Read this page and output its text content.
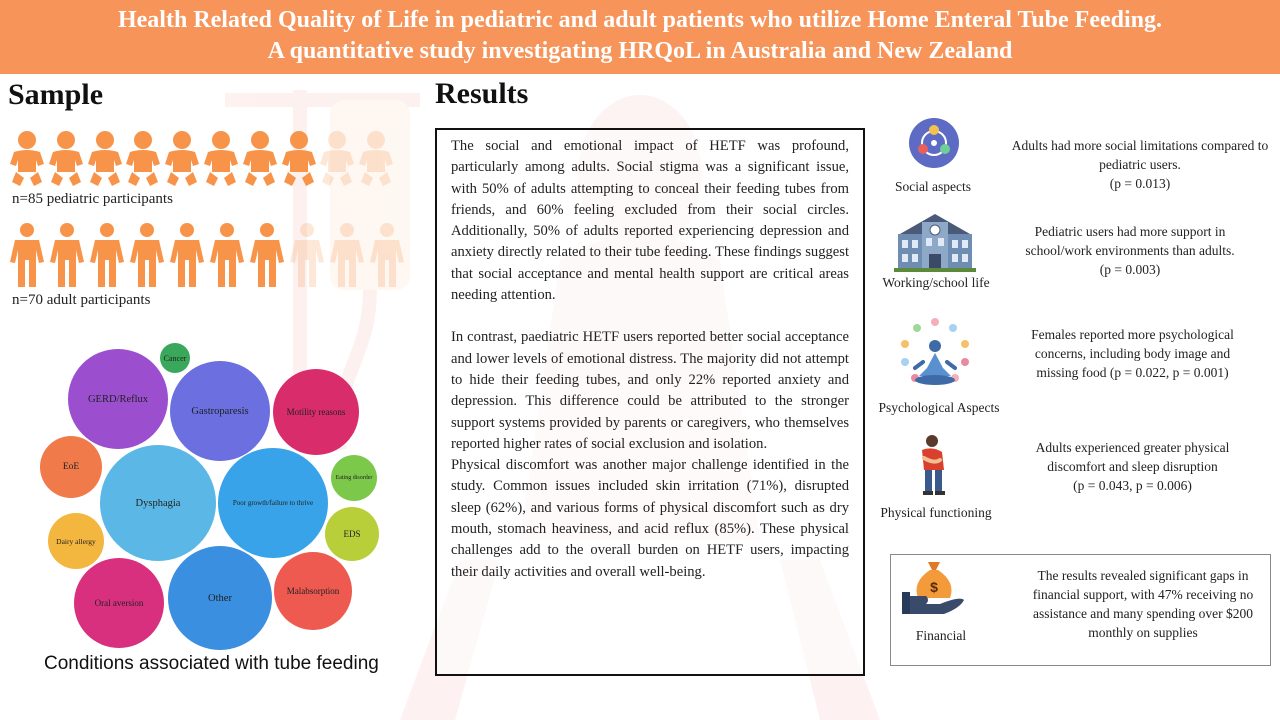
Health Related Quality of Life in pediatric and adult patients who utilize Home Enteral Tube Feeding.
A quantitative study investigating HRQoL in Australia and New Zealand
Sample
n=85 pediatric participants
n=70 adult participants
Cancer
GERD/Reflux
Gastroparesis	Motility reasons
EoE
Dysphagia	Poor growth/failure to thrive
Eating disorder
Dairy allergy
EDS
Oral aversion	Other
Malabsorption
Conditions associated with tube feeding
Results

The social and emotional impact of HETF was profound, particularly among adults. Social stigma was a significant issue, with 50% of adults attempting to conceal their feeding tubes from friends, and 60% feeling excluded from their social circles. Additionally, 50% of adults reported experiencing depression and anxiety directly related to their tube feeding. These findings suggest that social acceptance and mental health support are critical areas needing attention.

In contrast, paediatric HETF users reported better social acceptance and lower levels of emotional distress. The majority did not attempt to hide their feeding tubes, and only 22% reported anxiety and depression. This difference could be attributed to the stronger support systems provided by parents or caregivers, who themselves reported higher rates of social exclusion and isolation.

Physical discomfort was another major challenge identified in the study. Common issues included skin irritation (71%), disrupted sleep (62%), and various forms of physical discomfort such as dry mouth, stomach heaviness, and acid reflux (85%). These physical challenges add to the overall burden on HETF users, impacting their daily activities and overall well-being.

Social aspects
Adults had more social limitations compared to pediatric users.
(p = 0.013)
Working/school life
Pediatric users had more support in school/work environments than adults.
(p = 0.003)
Psychological Aspects
Females reported more psychological concerns, including body image and missing food (p = 0.022, p = 0.001)
Physical functioning
Adults experienced greater physical discomfort and sleep disruption
(p = 0.043, p = 0.006)
$
Financial
The results revealed significant gaps in financial support, with 47% receiving no assistance and many spending over $200 monthly on supplies
